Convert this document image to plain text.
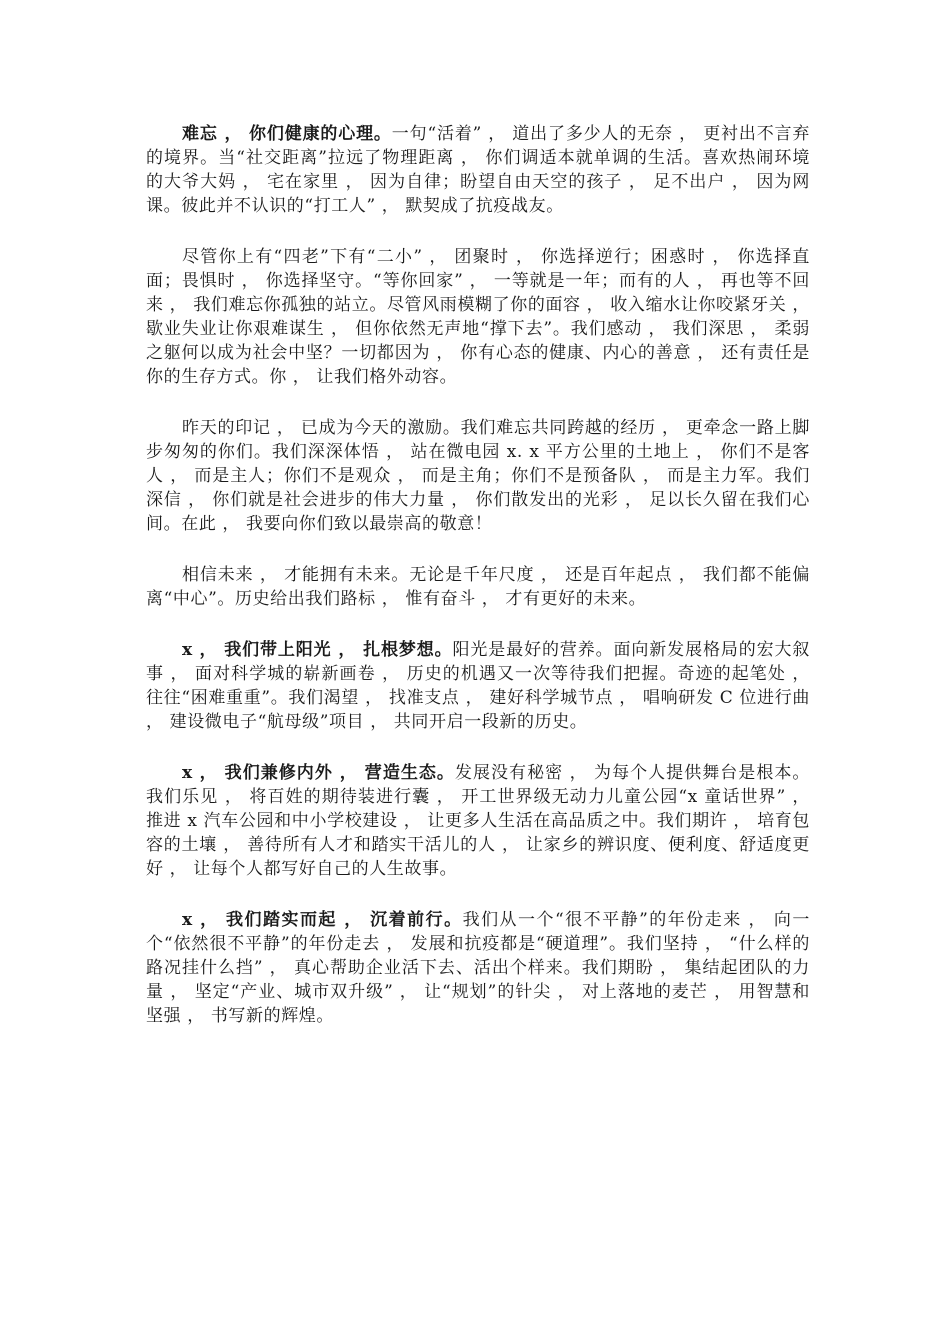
难忘 ， 你们健康的心理。一句“活着” ， 道出了多少人的无奈 ， 更衬出不言弃的境界。当“社交距离”拉远了物理距离 ， 你们调适本就单调的生活。喜欢热闹环境的大爷大妈 ， 宅在家里 ， 因为自律；盼望自由天空的孩子 ， 足不出户 ， 因为网课。彼此并不认识的“打工人” ， 默契成了抗疫战友。

尽管你上有“四老”下有“二小” ， 团聚时 ， 你选择逆行；困惑时 ， 你选择直面；畏惧时 ， 你选择坚守。“等你回家” ， 一等就是一年；而有的人 ， 再也等不回来 ， 我们难忘你孤独的站立。尽管风雨模糊了你的面容 ， 收入缩水让你咬紧牙关 ， 歇业失业让你艰难谋生 ， 但你依然无声地“撑下去”。我们感动 ， 我们深思 ， 柔弱之躯何以成为社会中坚？一切都因为 ， 你有心态的健康、内心的善意 ， 还有责任是你的生存方式。你 ， 让我们格外动容。

昨天的印记 ， 已成为今天的激励。我们难忘共同跨越的经历 ， 更牵念一路上脚步匆匆的你们。我们深深体悟 ， 站在微电园 x. x 平方公里的土地上 ， 你们不是客人 ， 而是主人；你们不是观众 ， 而是主角；你们不是预备队 ， 而是主力军。我们深信 ， 你们就是社会进步的伟大力量 ， 你们散发出的光彩 ， 足以长久留在我们心间。在此 ， 我要向你们致以最崇高的敬意！

相信未来 ， 才能拥有未来。无论是千年尺度 ， 还是百年起点 ， 我们都不能偏离“中心”。历史给出我们路标 ， 惟有奋斗 ， 才有更好的未来。

x ， 我们带上阳光 ， 扎根梦想。阳光是最好的营养。面向新发展格局的宏大叙事 ， 面对科学城的崭新画卷 ， 历史的机遇又一次等待我们把握。奇迹的起笔处 ， 往往“困难重重”。我们渴望 ， 找准支点 ， 建好科学城节点 ， 唱响研发 C 位进行曲 ， 建设微电子“航母级”项目 ， 共同开启一段新的历史。

x ， 我们兼修内外 ， 营造生态。发展没有秘密 ， 为每个人提供舞台是根本。我们乐见 ， 将百姓的期待装进行囊 ， 开工世界级无动力儿童公园“x 童话世界” ， 推进 x 汽车公园和中小学校建设 ， 让更多人生活在高品质之中。我们期许 ， 培育包容的土壤 ， 善待所有人才和踏实干活儿的人 ， 让家乡的辨识度、便利度、舒适度更好 ， 让每个人都写好自己的人生故事。

x ， 我们踏实而起 ， 沉着前行。我们从一个“很不平静”的年份走来 ， 向一个“依然很不平静”的年份走去 ， 发展和抗疫都是“硬道理”。我们坚持 ， “什么样的路况挂什么挡” ， 真心帮助企业活下去、活出个样来。我们期盼 ， 集结起团队的力量 ， 坚定“产业、城市双升级” ， 让“规划”的针尖 ， 对上落地的麦芒 ， 用智慧和坚强 ， 书写新的辉煌。
